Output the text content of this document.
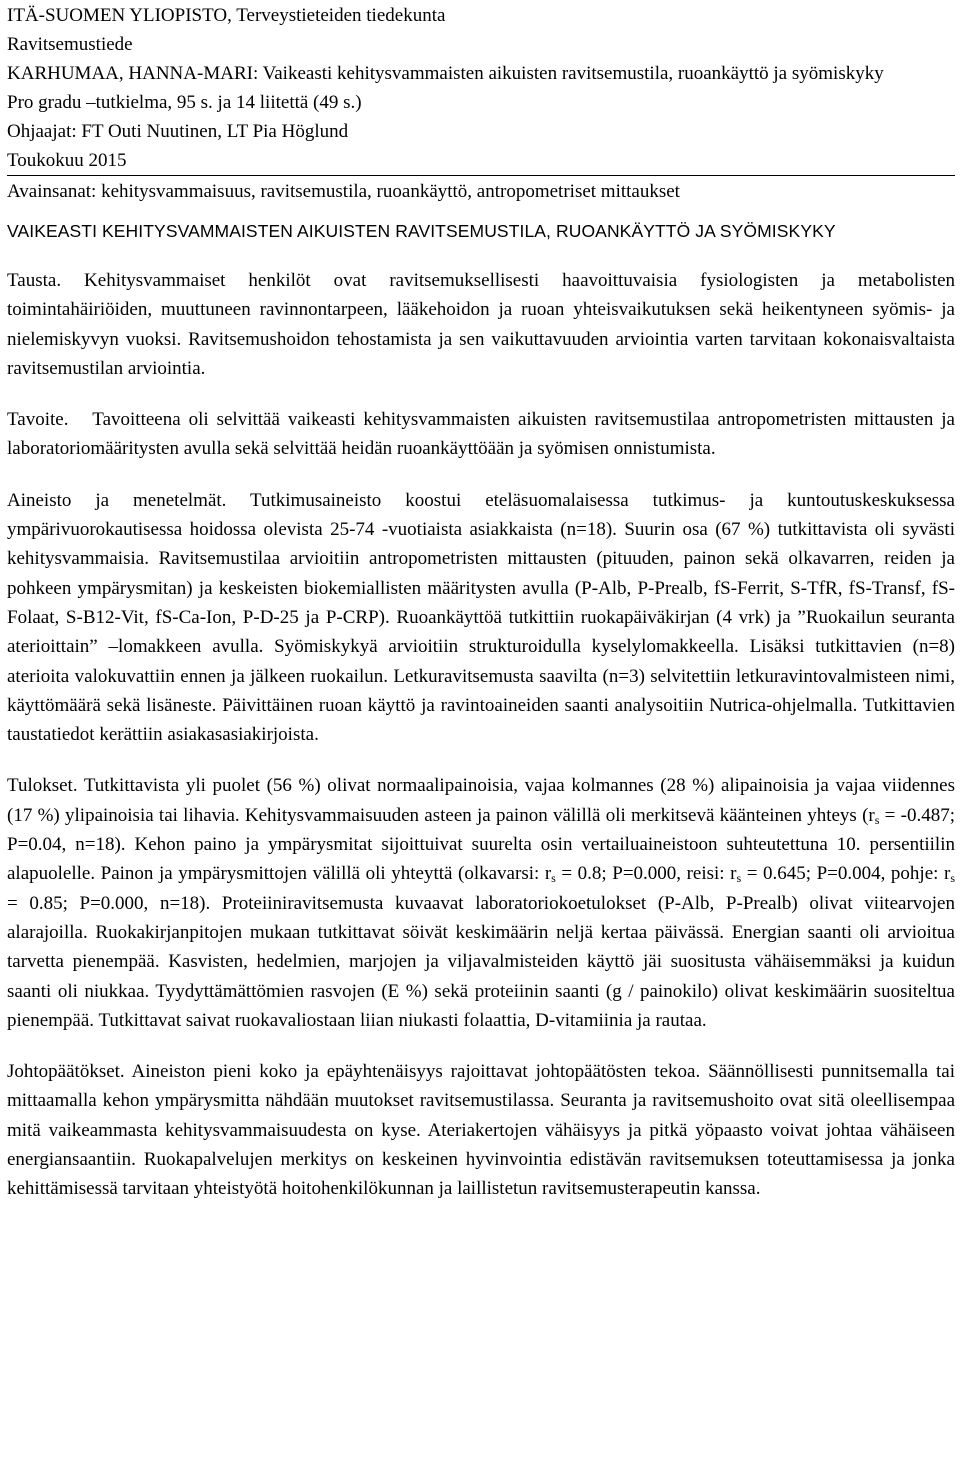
ITÄ-SUOMEN YLIOPISTO, Terveystieteiden tiedekunta

Ravitsemustiede

KARHUMAA, HANNA-MARI: Vaikeasti kehitysvammaisten aikuisten ravitsemustila, ruoankäyttö ja syömiskyky

Pro gradu –tutkielma, 95 s. ja 14 liitettä (49 s.)

Ohjaajat: FT Outi Nuutinen, LT Pia Höglund

Toukokuu 2015

Avainsanat: kehitysvammaisuus, ravitsemustila, ruoankäyttö, antropometriset mittaukset

VAIKEASTI KEHITYSVAMMAISTEN AIKUISTEN RAVITSEMUSTILA, RUOANKÄYTTÖ JA SYÖMISKYKY

Tausta. Kehitysvammaiset henkilöt ovat ravitsemuksellisesti haavoittuvaisia fysiologisten ja metabolisten toimintahäiriöiden, muuttuneen ravinnontarpeen, lääkehoidon ja ruoan yhteisvaikutuksen sekä heikentyneen syömis- ja nielemiskyvyn vuoksi. Ravitsemushoidon tehostamista ja sen vaikuttavuuden arviointia varten tarvitaan kokonaisvaltaista ravitsemustilan arviointia.

Tavoite. Tavoitteena oli selvittää vaikeasti kehitysvammaisten aikuisten ravitsemustilaa antropometristen mittausten ja laboratoriomääritysten avulla sekä selvittää heidän ruoankäyttöään ja syömisen onnistumista.

Aineisto ja menetelmät. Tutkimusaineisto koostui eteläsuomalaisessa tutkimus- ja kuntoutuskeskuksessa ympärivuorokautisessa hoidossa olevista 25-74 -vuotiaista asiakkaista (n=18). Suurin osa (67 %) tutkittavista oli syvästi kehitysvammaisia. Ravitsemustilaa arvioitiin antropometristen mittausten (pituuden, painon sekä olkavarren, reiden ja pohkeen ympärysmitan) ja keskeisten biokemiallisten määritysten avulla (P-Alb, P-Prealb, fS-Ferrit, S-TfR, fS-Transf, fS-Folaat, S-B12-Vit, fS-Ca-Ion, P-D-25 ja P-CRP). Ruoankäyttöä tutkittiin ruokapäiväkirjan (4 vrk) ja ”Ruokailun seuranta aterioittain” –lomakkeen avulla. Syömiskykyä arvioitiin strukturoidulla kyselylomakkeella. Lisäksi tutkittavien (n=8) aterioita valokuvattiin ennen ja jälkeen ruokailun. Letkuravitsemusta saavilta (n=3) selvitettiin letkuravintovalmisteen nimi, käyttömäärä sekä lisäneste. Päivittäinen ruoan käyttö ja ravintoaineiden saanti analysoitiin Nutrica-ohjelmalla. Tutkittavien taustatiedot kerättiin asiakasasiakirjoista.

Tulokset. Tutkittavista yli puolet (56 %) olivat normaalipainoisia, vajaa kolmannes (28 %) alipainoisia ja vajaa viidennes (17 %) ylipainoisia tai lihavia. Kehitysvammaisuuden asteen ja painon välillä oli merkitsevä käänteinen yhteys ($r_s = -0.487$; P=0.04, n=18). Kehon paino ja ympärysmitat sijoittuivat suurelta osin vertailuaineistoon suhteutettuna 10. persentiilin alapuolelle. Painon ja ympärysmittojen välillä oli yhteyttä (olkavarsi: $r_s = 0.8$; P=0.000, reisi: $r_s = 0.645$; P=0.004, pohje: $r_s = 0.85$; P=0.000, n=18). Proteiiniravitsemusta kuvaavat laboratoriokoetulokset (P-Alb, P-Prealb) olivat viitearvojen alarajoilla. Ruokakirjanpitojen mukaan tutkittavat söivät keskimäärin neljä kertaa päivässä. Energian saanti oli arvioitua tarvetta pienempää. Kasvisten, hedelmien, marjojen ja viljavalmisteiden käyttö jäi suositusta vähäisemmäksi ja kuidun saanti oli niukkaa. Tyydyttämättömien rasvojen (E %) sekä proteiinin saanti (g / painokilo) olivat keskimäärin suositeltua pienempää. Tutkittavat saivat ruokavaliostaan liian niukasti folaattia, D-vitamiinia ja rautaa.

Johtopäätökset. Aineiston pieni koko ja epäyhtenäisyys rajoittavat johtopäätösten tekoa. Säännöllisesti punnitsemalla tai mittaamalla kehon ympärysmitta nähdään muutokset ravitsemustilassa. Seuranta ja ravitsemushoito ovat sitä oleellisempaa mitä vaikeammasta kehitysvammaisuudesta on kyse. Ateriakertojen vähäisyys ja pitkä yöpaasto voivat johtaa vähäiseen energiansaantiin. Ruokapalvelujen merkitys on keskeinen hyvinvointia edistävän ravitsemuksen toteuttamisessa ja jonka kehittämisessä tarvitaan yhteistyötä hoitohenkilökunnan ja laillistetun ravitsemusterapeutin kanssa.
